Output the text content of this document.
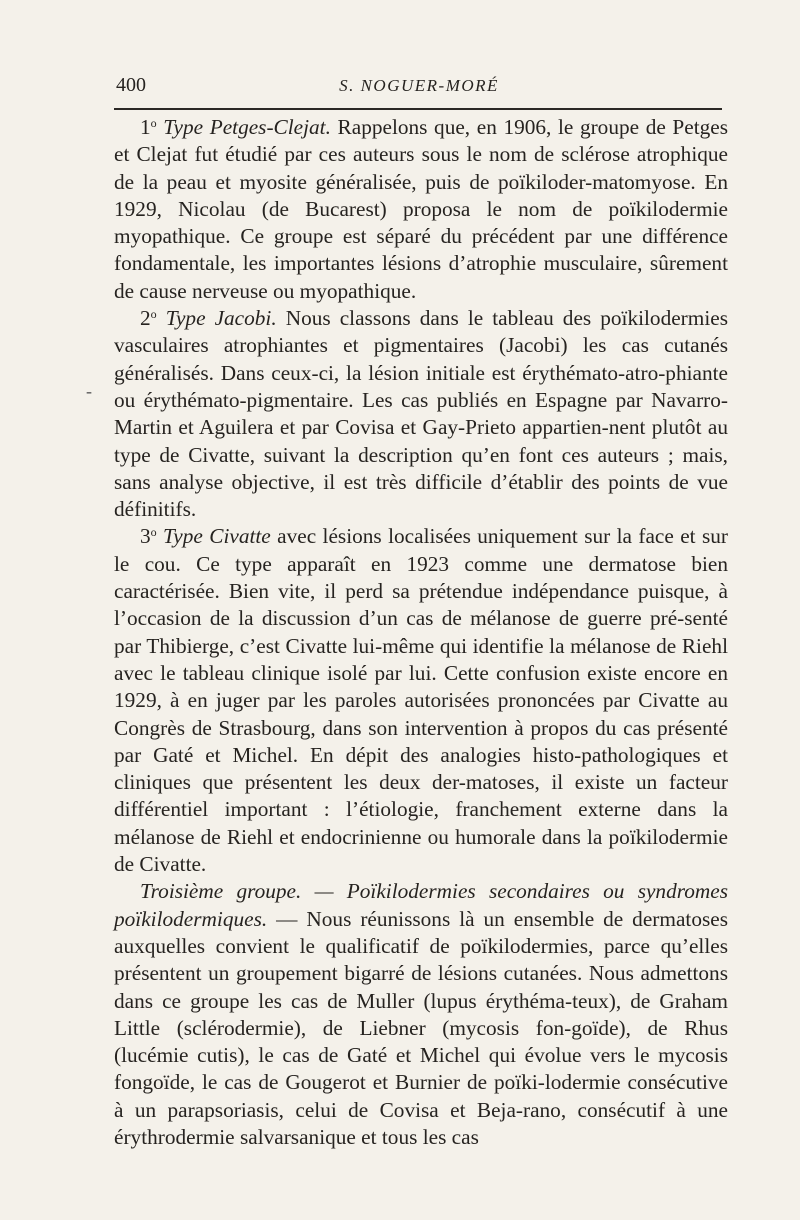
400	S. NOGUER-MORÉ
-

1$^o$ Type Petges-Clejat. Rappelons que, en 1906, le groupe de Petges et Clejat fut étudié par ces auteurs sous le nom de sclérose atrophique de la peau et myosite généralisée, puis de poïkiloder-matomyose. En 1929, Nicolau (de Bucarest) proposa le nom de poïkilodermie myopathique. Ce groupe est séparé du précédent par une différence fondamentale, les importantes lésions d’atrophie musculaire, sûrement de cause nerveuse ou myopathique.

2$^o$ Type Jacobi. Nous classons dans le tableau des poïkilodermies vasculaires atrophiantes et pigmentaires (Jacobi) les cas cutanés généralisés. Dans ceux-ci, la lésion initiale est érythémato-atro-phiante ou érythémato-pigmentaire. Les cas publiés en Espagne par Navarro-Martin et Aguilera et par Covisa et Gay-Prieto appartien-nent plutôt au type de Civatte, suivant la description qu’en font ces auteurs ; mais, sans analyse objective, il est très difficile d’établir des points de vue définitifs.

3$^o$ Type Civatte avec lésions localisées uniquement sur la face et sur le cou. Ce type apparaît en 1923 comme une dermatose bien caractérisée. Bien vite, il perd sa prétendue indépendance puisque, à l’occasion de la discussion d’un cas de mélanose de guerre pré-senté par Thibierge, c’est Civatte lui-même qui identifie la mélanose de Riehl avec le tableau clinique isolé par lui. Cette confusion existe encore en 1929, à en juger par les paroles autorisées prononcées par Civatte au Congrès de Strasbourg, dans son intervention à propos du cas présenté par Gaté et Michel. En dépit des analogies histo-pathologiques et cliniques que présentent les deux der-matoses, il existe un facteur différentiel important : l’étiologie, franchement externe dans la mélanose de Riehl et endocrinienne ou humorale dans la poïkilodermie de Civatte.

Troisième groupe. — Poïkilodermies secondaires ou syndromes poïkilodermiques. — Nous réunissons là un ensemble de dermatoses auxquelles convient le qualificatif de poïkilodermies, parce qu’elles présentent un groupement bigarré de lésions cutanées. Nous admettons dans ce groupe les cas de Muller (lupus érythéma-teux), de Graham Little (sclérodermie), de Liebner (mycosis fon-goïde), de Rhus (lucémie cutis), le cas de Gaté et Michel qui évolue vers le mycosis fongoïde, le cas de Gougerot et Burnier de poïki-lodermie consécutive à un parapsoriasis, celui de Covisa et Beja-rano, consécutif à une érythrodermie salvarsanique et tous les cas
